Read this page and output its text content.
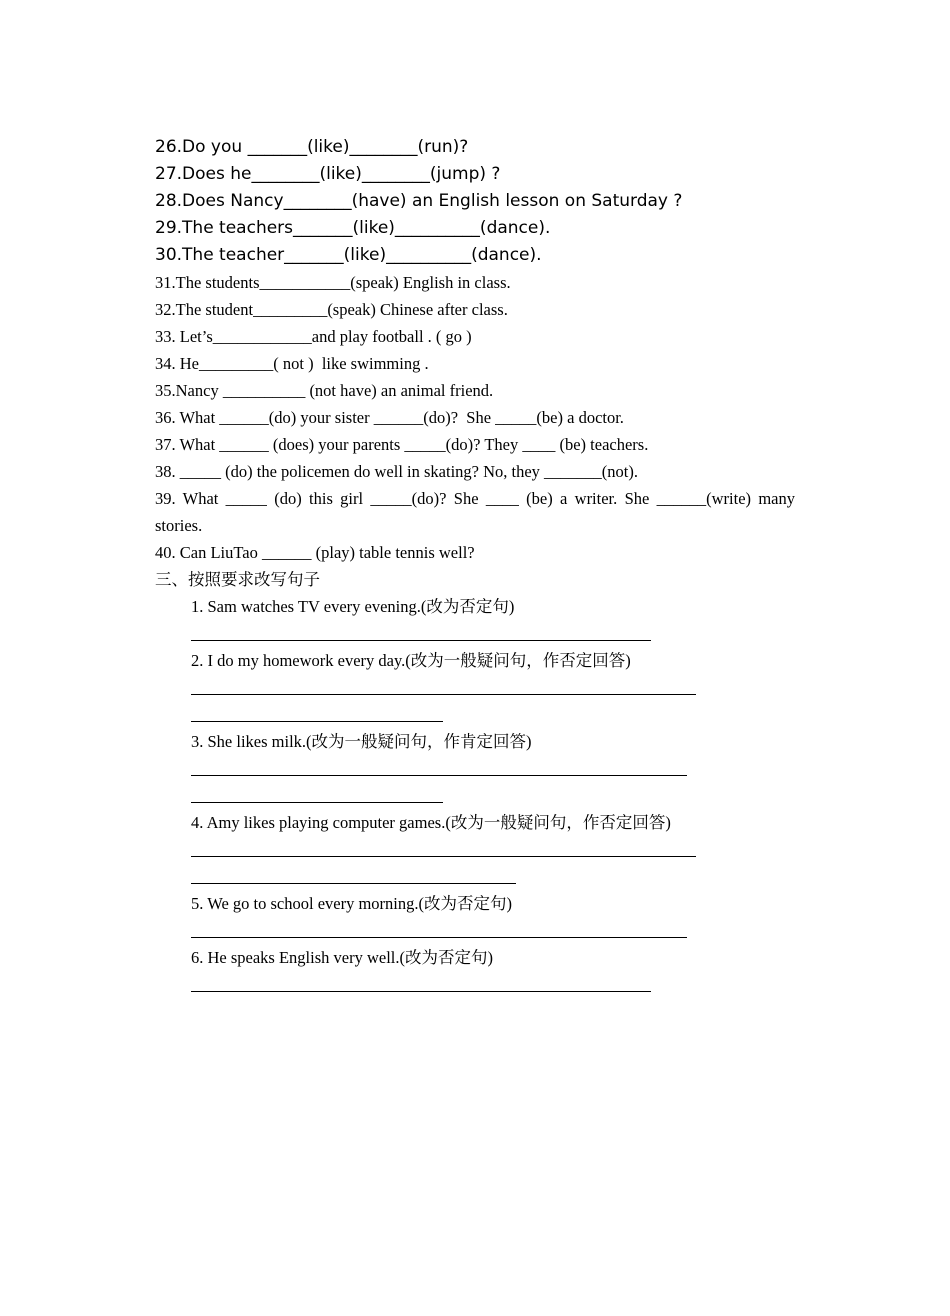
26.Do you _______(like)________(run)?
27.Does he________(like)________(jump) ?
28.Does Nancy________(have) an English lesson on Saturday ?
29.The teachers_______(like)__________(dance).
30.The teacher_______(like)__________(dance).
31.The students___________(speak) English in class.
32.The student_________(speak) Chinese after class.
33. Let’s____________and play football . ( go )
34. He_________( not )  like swimming .
35.Nancy __________ (not have) an animal friend.
36. What ______(do) your sister ______(do)?  She _____(be) a doctor.
37. What ______ (does) your parents _____(do)? They ____ (be) teachers.
38. _____ (do) the policemen do well in skating? No, they _______(not).
39. What _____ (do) this girl _____(do)? She ____ (be) a writer. She ______(write) many stories.
40. Can LiuTao ______ (play) table tennis well?
三、按照要求改写句子
1. Sam watches TV every evening.(改为否定句)
2. I do my homework every day.(改为一般疑问句，作否定回答)
3. She likes milk.(改为一般疑问句，作肯定回答)
4. Amy likes playing computer games.(改为一般疑问句，作否定回答)
5. We go to school every morning.(改为否定句)
6. He speaks English very well.(改为否定句)
